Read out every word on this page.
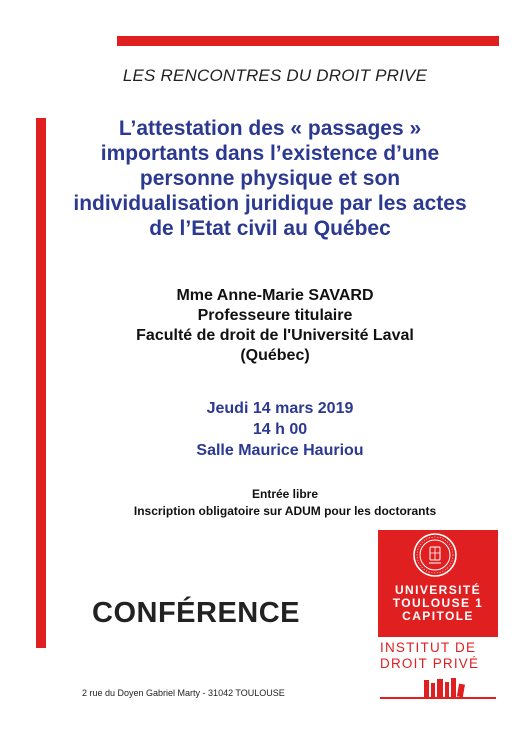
LES RENCONTRES DU DROIT PRIVE
L’attestation des « passages »
importants dans l’existence d’une
personne physique et son
individualisation juridique par les actes
de l’Etat civil au Québec
Mme Anne-Marie SAVARD
Professeure titulaire
Faculté de droit de l'Université Laval
(Québec)
Jeudi 14 mars 2019
14 h 00
Salle Maurice Hauriou
Entrée libre
Inscription obligatoire sur ADUM pour les doctorants
CONFÉRENCE
2 rue du Doyen Gabriel Marty - 31042 TOULOUSE
UNIVERSITÉ
TOULOUSE 1
CAPITOLE
INSTITUT DE
DROIT PRIVÉ
